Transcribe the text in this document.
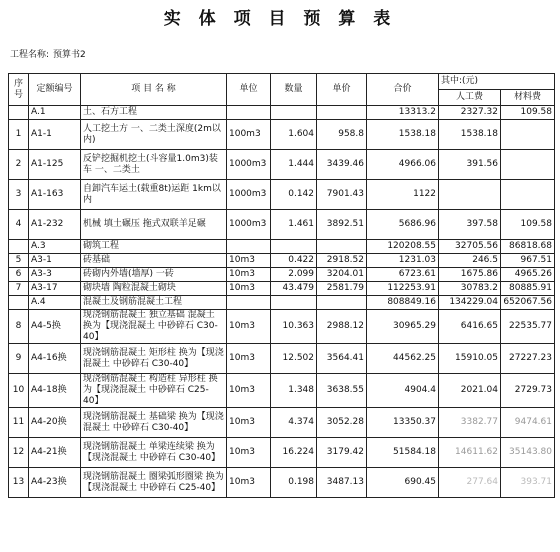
实 体 项 目 预 算 表
工程名称: 预算书2
序号	定额编号	项 目 名 称	单位	数量	单价	合价	其中:(元)	
							人工费	材料费
	A.1	土、石方工程				13313.2	2327.32	109.58
1	A1-1	人工挖土方 一、二类土深度(2m以内)	100m3	1.604	958.8	1538.18	1538.18	
2	A1-125	反铲挖掘机挖土(斗容量1.0m3)装车 一、二类土	1000m3	1.444	3439.46	4966.06	391.56	
3	A1-163	自卸汽车运土(载重8t)运距 1km以内	1000m3	0.142	7901.43	1122		
4	A1-232	机械 填土碾压 拖式双联羊足碾	1000m3	1.461	3892.51	5686.96	397.58	109.58
	A.3	砌筑工程				120208.55	32705.56	86818.68
5	A3-1	砖基础	10m3	0.422	2918.52	1231.03	246.5	967.51
6	A3-3	砖砌内外墙(墙厚) 一砖	10m3	2.099	3204.01	6723.61	1675.86	4965.26
7	A3-17	砌块墙 陶粒混凝土砌块	10m3	43.479	2581.79	112253.91	30783.2	80885.91
	A.4	混凝土及钢筋混凝土工程				808849.16	134229.04	652067.56
8	A4-5换	现浇钢筋混凝土 独立基础 混凝土 换为【现浇混凝土 中砂碎石 C30-40】	10m3	10.363	2988.12	30965.29	6416.65	22535.77
9	A4-16换	现浇钢筋混凝土 矩形柱 换为【现浇混凝土 中砂碎石 C30-40】	10m3	12.502	3564.41	44562.25	15910.05	27227.23
10	A4-18换	现浇钢筋混凝土 构造柱 异形柱 换为【现浇混凝土 中砂碎石 C25-40】	10m3	1.348	3638.55	4904.4	2021.04	2729.73
11	A4-20换	现浇钢筋混凝土 基础梁 换为【现浇混凝土 中砂碎石 C30-40】	10m3	4.374	3052.28	13350.37	3382.77	9474.61
12	A4-21换	现浇钢筋混凝土 单梁连续梁 换为【现浇混凝土 中砂碎石 C30-40】	10m3	16.224	3179.42	51584.18	14611.62	35143.80
13	A4-23换	现浇钢筋混凝土 圈梁弧形圈梁 换为【现浇混凝土 中砂碎石 C25-40】	10m3	0.198	3487.13	690.45	277.64	393.71
